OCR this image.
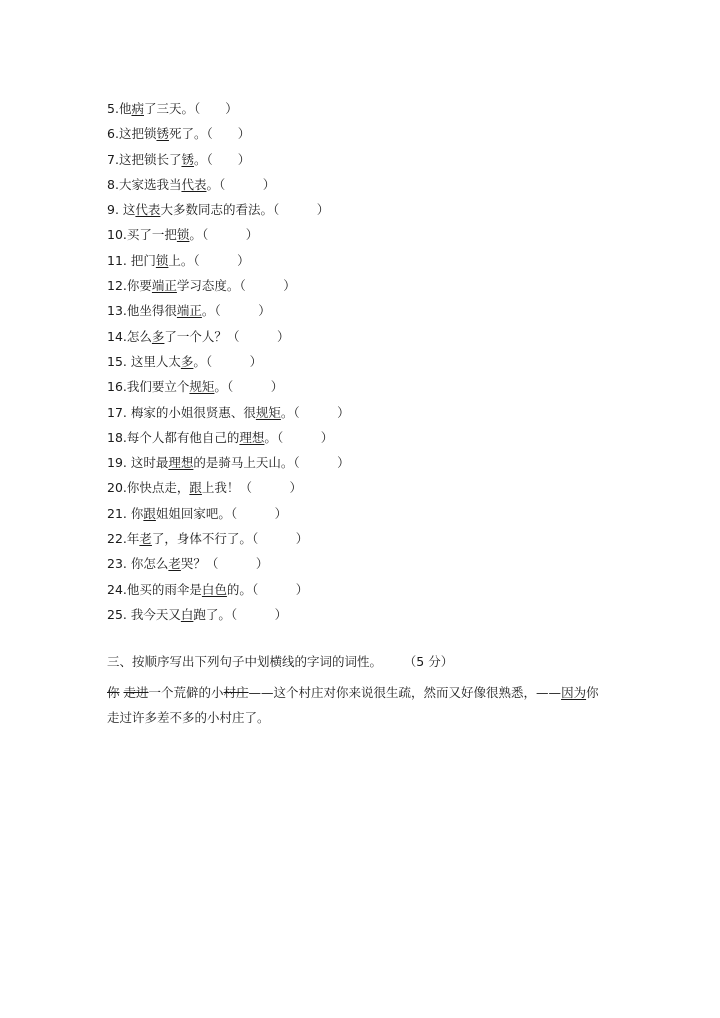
5.他病了三天。（　　）
6.这把锁锈死了。（　　）
7.这把锁长了锈。（　　）
8.大家选我当代表。（　　　）
9. 这代表大多数同志的看法。（　　　）
10.买了一把锁。（　　　）
11. 把门锁上。（　　　）
12.你要端正学习态度。（　　　）
13.他坐得很端正。（　　　）
14.怎么多了一个人？（　　　）
15. 这里人太多。（　　　）
16.我们要立个规矩。（　　　）
17. 梅家的小姐很贤惠、很规矩。（　　　）
18.每个人都有他自己的理想。（　　　）
19. 这时最理想的是骑马上天山。（　　　）
20.你快点走，跟上我！（　　　）
21. 你跟姐姐回家吧。（　　　）
22.年老了，身体不行了。（　　　）
23. 你怎么老哭？（　　　）
24.他买的雨伞是白色的。（　　　）
25. 我今天又白跑了。（　　　）
三、按顺序写出下列句子中划横线的字词的词性。 （5 分）
你 走进一个荒僻的小村庄——这个村庄对你来说很生疏，然而又好像很熟悉，——因为你走过许多差不多的小村庄了。
